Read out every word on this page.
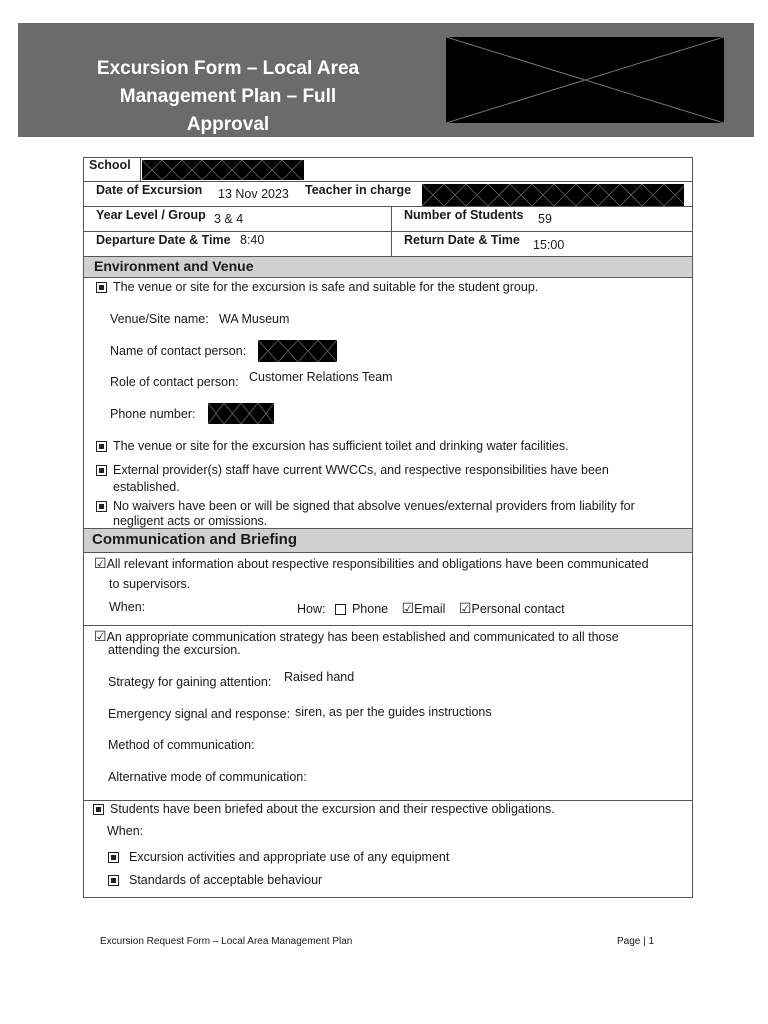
Excursion Form – Local Area
Management Plan – Full Approval
School
Date of Excursion 13 Nov 2023 Teacher in charge
Year Level / Group 3 & 4	Number of Students 59
Departure Date & Time 8:40	Return Date & Time 15:00
Environment and Venue
The venue or site for the excursion is safe and suitable for the student group.
Venue/Site name: WA Museum
Name of contact person:
Role of contact person: Customer Relations Team
Phone number:
The venue or site for the excursion has sufficient toilet and drinking water facilities.
External provider(s) staff have current WWCCs, and respective responsibilities have been
established.
No waivers have been or will be signed that absolve venues/external providers from liability for
negligent acts or omissions.
Communication and Briefing
☑All relevant information about respective responsibilities and obligations have been communicated
to supervisors.
When:	How: Phone ☑Email ☑Personal contact
☑An appropriate communication strategy has been established and communicated to all those
attending the excursion.
Strategy for gaining attention: Raised hand
Emergency signal and response: siren, as per the guides instructions
Method of communication:
Alternative mode of communication:
Students have been briefed about the excursion and their respective obligations.
When:
Excursion activities and appropriate use of any equipment
Standards of acceptable behaviour
Excursion Request Form – Local Area Management Plan	Page | 1
